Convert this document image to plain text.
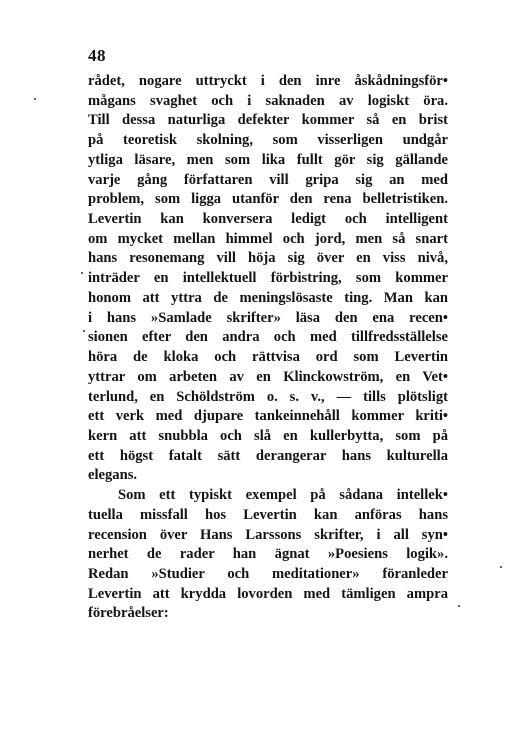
48
rådet, nogare uttryckt i den inre åskådningsför•
mågans svaghet och i saknaden av logiskt öra.
Till dessa naturliga defekter kommer så en brist
på teoretisk skolning, som visserligen undgår
ytliga läsare, men som lika fullt gör sig gällande
varje gång författaren vill gripa sig an med
problem, som ligga utanför den rena belletristiken.
Levertin kan konversera ledigt och intelligent
om mycket mellan himmel och jord, men så snart
hans resonemang vill höja sig över en viss nivå,
inträder en intellektuell förbistring, som kommer
honom att yttra de meningslösaste ting. Man kan
i hans »Samlade skrifter» läsa den ena recen•
sionen efter den andra och med tillfredsställelse
höra de kloka och rättvisa ord som Levertin
yttrar om arbeten av en Klinckowström, en Vet•
terlund, en Schöldström o. s. v., — tills plötsligt
ett verk med djupare tankeinnehåll kommer kriti•
kern att snubbla och slå en kullerbytta, som på
ett högst fatalt sätt derangerar hans kulturella
elegans.
Som ett typiskt exempel på sådana intellek•
tuella missfall hos Levertin kan anföras hans
recension över Hans Larssons skrifter, i all syn•
nerhet de rader han ägnat »Poesiens logik».
Redan »Studier och meditationer» föranleder
Levertin att krydda lovorden med tämligen ampra
förebråelser:
